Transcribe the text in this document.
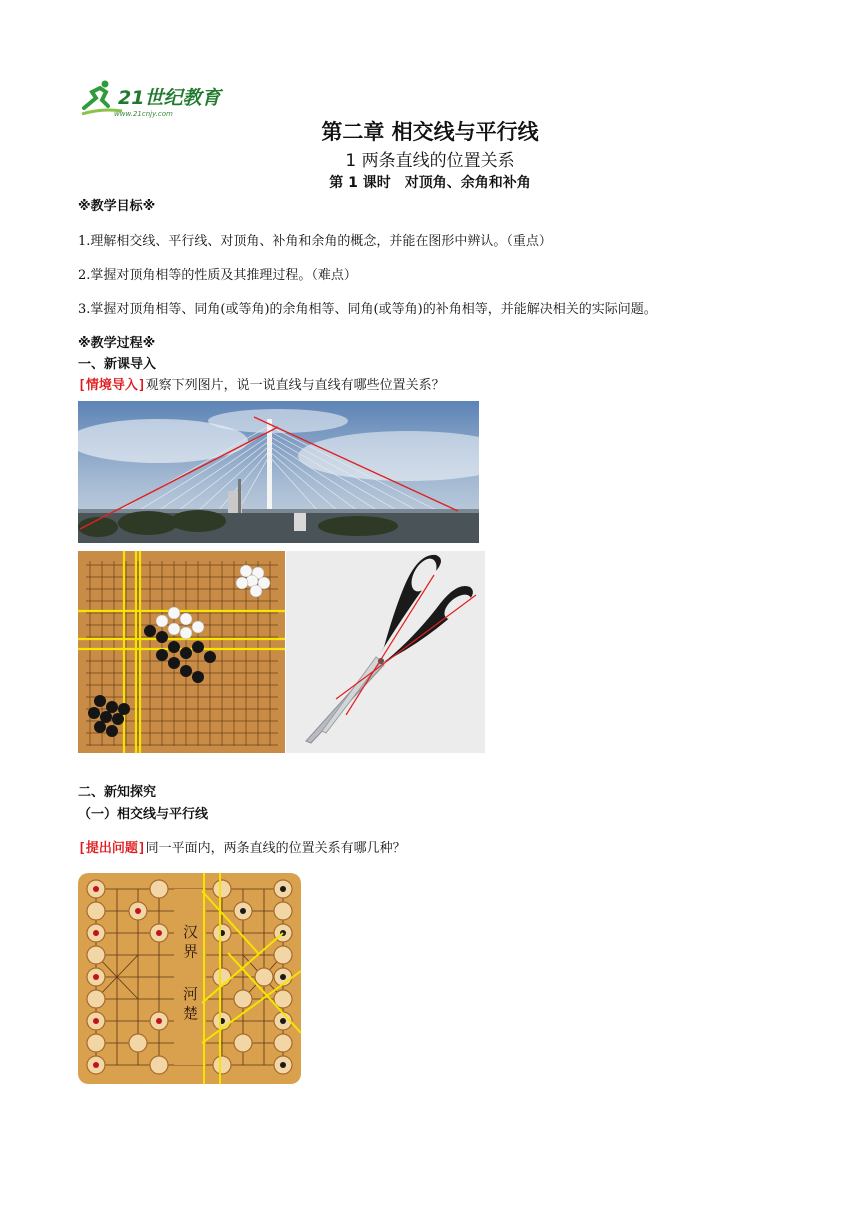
21世纪教育
www.21cnjy.com
第二章 相交线与平行线
1 两条直线的位置关系
第 1 课时 对顶角、余角和补角
※教学目标※
1.理解相交线、平行线、对顶角、补角和余角的概念，并能在图形中辨认。（重点）
2.掌握对顶角相等的性质及其推理过程。（难点）
3.掌握对顶角相等、同角(或等角)的余角相等、同角(或等角)的补角相等，并能解决相关的实际问题。
※教学过程※
一、新课导入
[情境导入]观察下列图片，说一说直线与直线有哪些位置关系？
二、新知探究
（一）相交线与平行线
[提出问题]同一平面内，两条直线的位置关系有哪几种？
汉 界
河 楚
